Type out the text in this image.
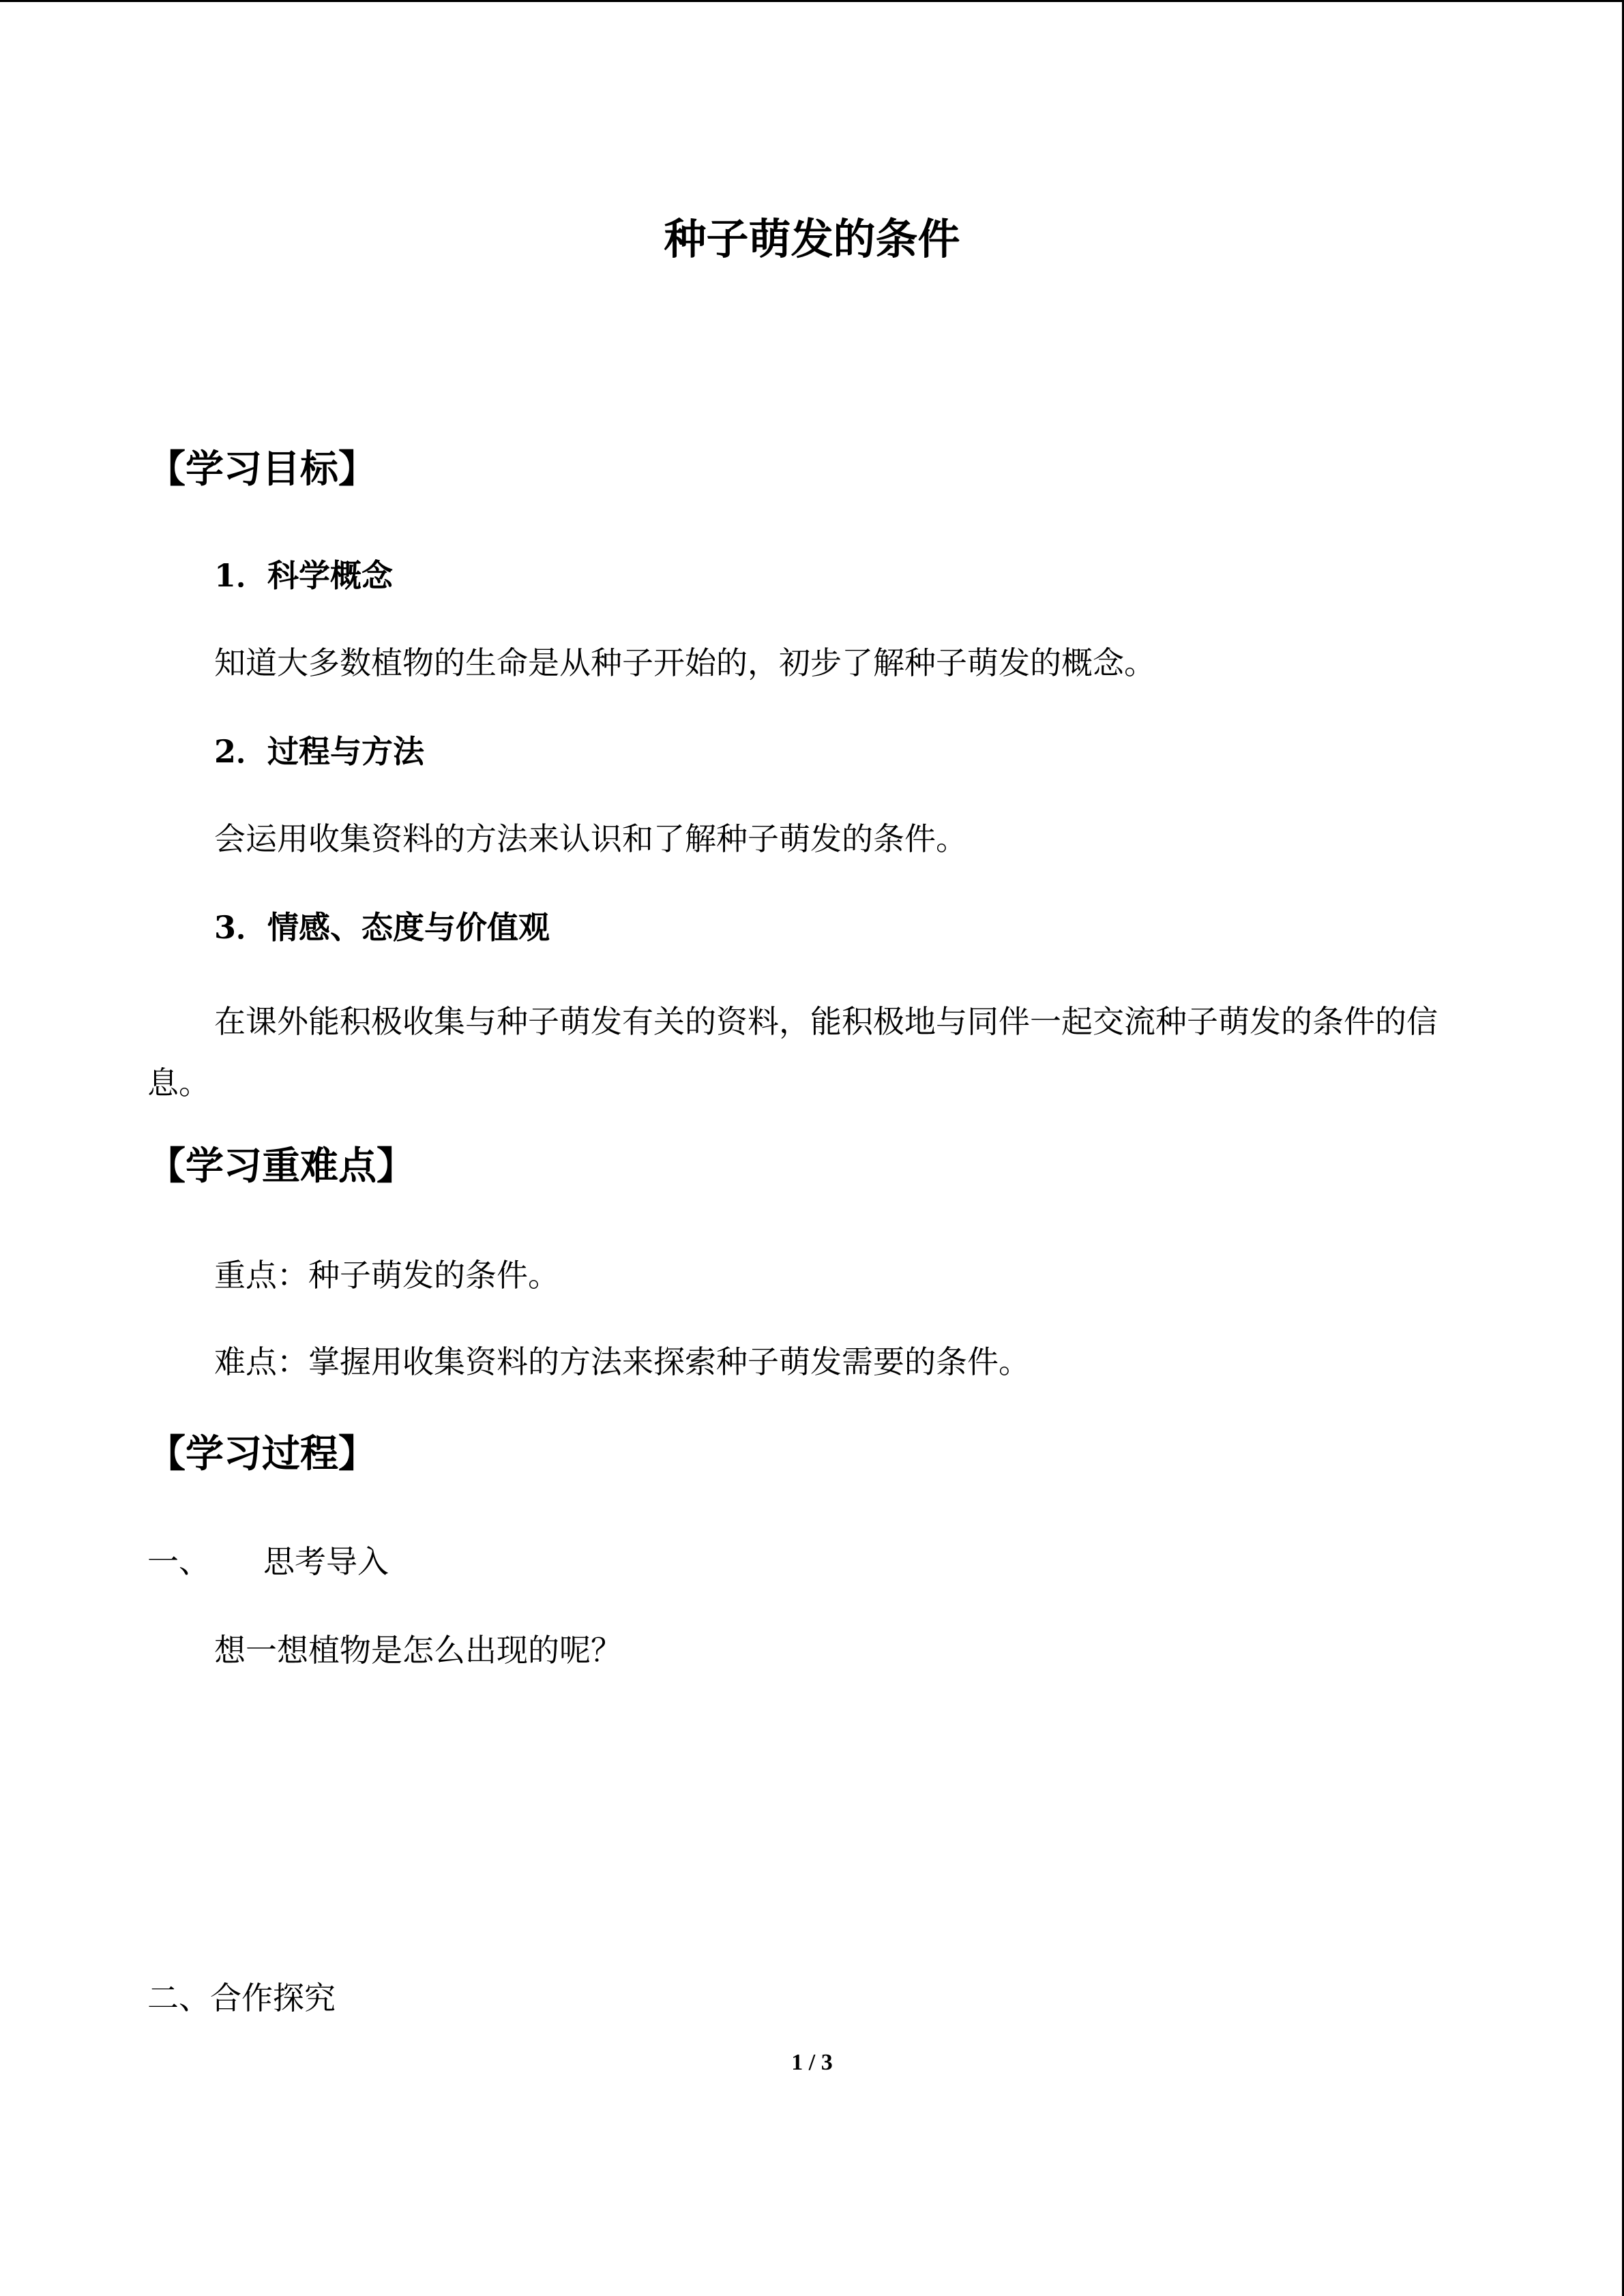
种子萌发的条件
【学习目标】
1．科学概念
知道大多数植物的生命是从种子开始的，初步了解种子萌发的概念。
2．过程与方法
会运用收集资料的方法来认识和了解种子萌发的条件。
3．情感、态度与价值观
在课外能积极收集与种子萌发有关的资料，能积极地与同伴一起交流种子萌发的条件的信息。
【学习重难点】
重点：种子萌发的条件。
难点：掌握用收集资料的方法来探索种子萌发需要的条件。
【学习过程】
一、 思考导入
想一想植物是怎么出现的呢？
二、合作探究
1 / 3
